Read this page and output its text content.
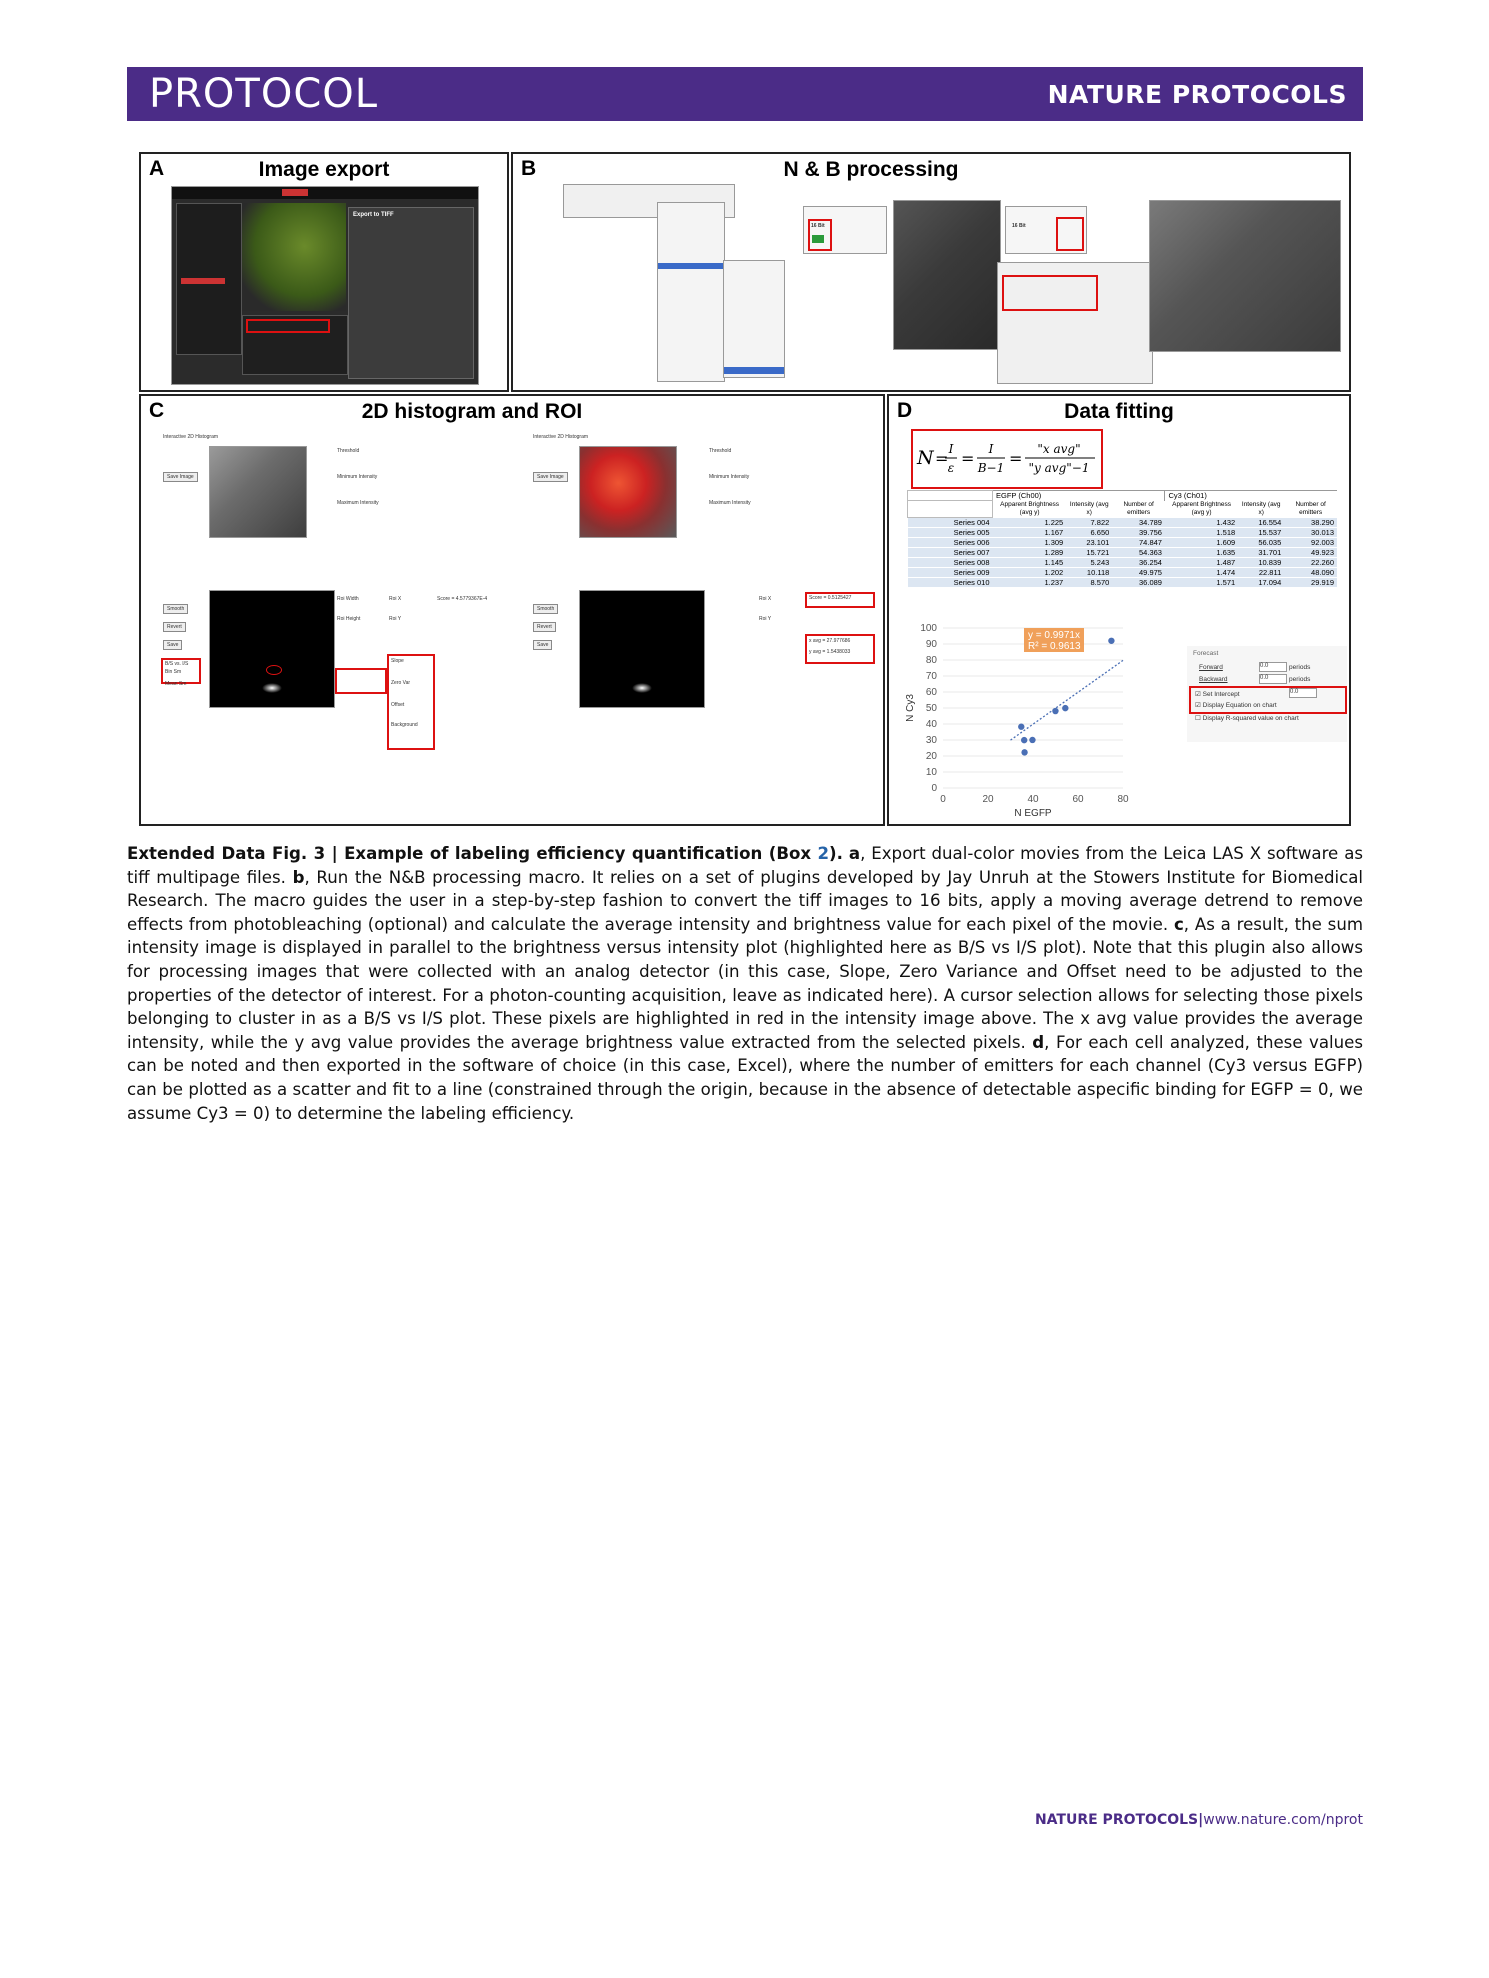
PROTOCOL	NATURE PROTOCOLS
A	Image export
Export to TIFF
B	N & B processing
16 Bit	16 Bit
C	2D histogram and ROI
Interactive 2D Histogram	Interactive 2D Histogram
Threshold
Minimum Intensity
Maximum Intensity
Save Image
Smooth
Revert
Save
B/S vs. I/S
Bin Sm
Mean Sm
Roi Width
Roi Height
Roi X
Roi Y
Score = 4.5779367E-4
Slope
Zero Var
Offset
Background
Threshold
Minimum Intensity
Maximum Intensity
Save Image
Smooth
Revert
Save
Roi X
Roi Y
Score = 0.5125427
x avg = 27.977686
y avg = 1.5438033
D	Data fitting
N = I
ε = I
B−1 = "x avg"
"y avg"−1
	EGFP (Ch00)			Cy3 (Ch01)		
	Apparent Brightness (avg y)	Intensity (avg x)	Number of emitters	Apparent Brightness (avg y)	Intensity (avg x)	Number of emitters
Series 004	1.225	7.822	34.789	1.432	16.554	38.290
Series 005	1.167	6.650	39.756	1.518	15.537	30.013
Series 006	1.309	23.101	74.847	1.609	56.035	92.003
Series 007	1.289	15.721	54.363	1.635	31.701	49.923
Series 008	1.145	5.243	36.254	1.487	10.839	22.260
Series 009	1.202	10.118	49.975	1.474	22.811	48.090
Series 010	1.237	8.570	36.089	1.571	17.094	29.919
0
10
20
30
40
50
60
70
80
90
100
0	20	40	60	80
y = 0.9971x
R² = 0.9613
N EGFP
N Cy3
Forecast
Forward	0.0	periods
Backward	0.0	periods
☑ Set Intercept	0.0
☑ Display Equation on chart
☐ Display R-squared value on chart
Extended Data Fig. 3 | Example of labeling efficiency quantification (Box 2). a, Export dual-color movies from the Leica LAS X software as tiff multipage files. b, Run the N&B processing macro. It relies on a set of plugins developed by Jay Unruh at the Stowers Institute for Biomedical Research. The macro guides the user in a step-by-step fashion to convert the tiff images to 16 bits, apply a moving average detrend to remove effects from photobleaching (optional) and calculate the average intensity and brightness value for each pixel of the movie. c, As a result, the sum intensity image is displayed in parallel to the brightness versus intensity plot (highlighted here as B/S vs I/S plot). Note that this plugin also allows for processing images that were collected with an analog detector (in this case, Slope, Zero Variance and Offset need to be adjusted to the properties of the detector of interest. For a photon-counting acquisition, leave as indicated here). A cursor selection allows for selecting those pixels belonging to cluster in as a B/S vs I/S plot. These pixels are highlighted in red in the intensity image above. The x avg value provides the average intensity, while the y avg value provides the average brightness value extracted from the selected pixels. d, For each cell analyzed, these values can be noted and then exported in the software of choice (in this case, Excel), where the number of emitters for each channel (Cy3 versus EGFP) can be plotted as a scatter and fit to a line (constrained through the origin, because in the absence of detectable aspecific binding for EGFP = 0, we assume Cy3 = 0) to determine the labeling efficiency.
NATURE PROTOCOLS|www.nature.com/nprot
